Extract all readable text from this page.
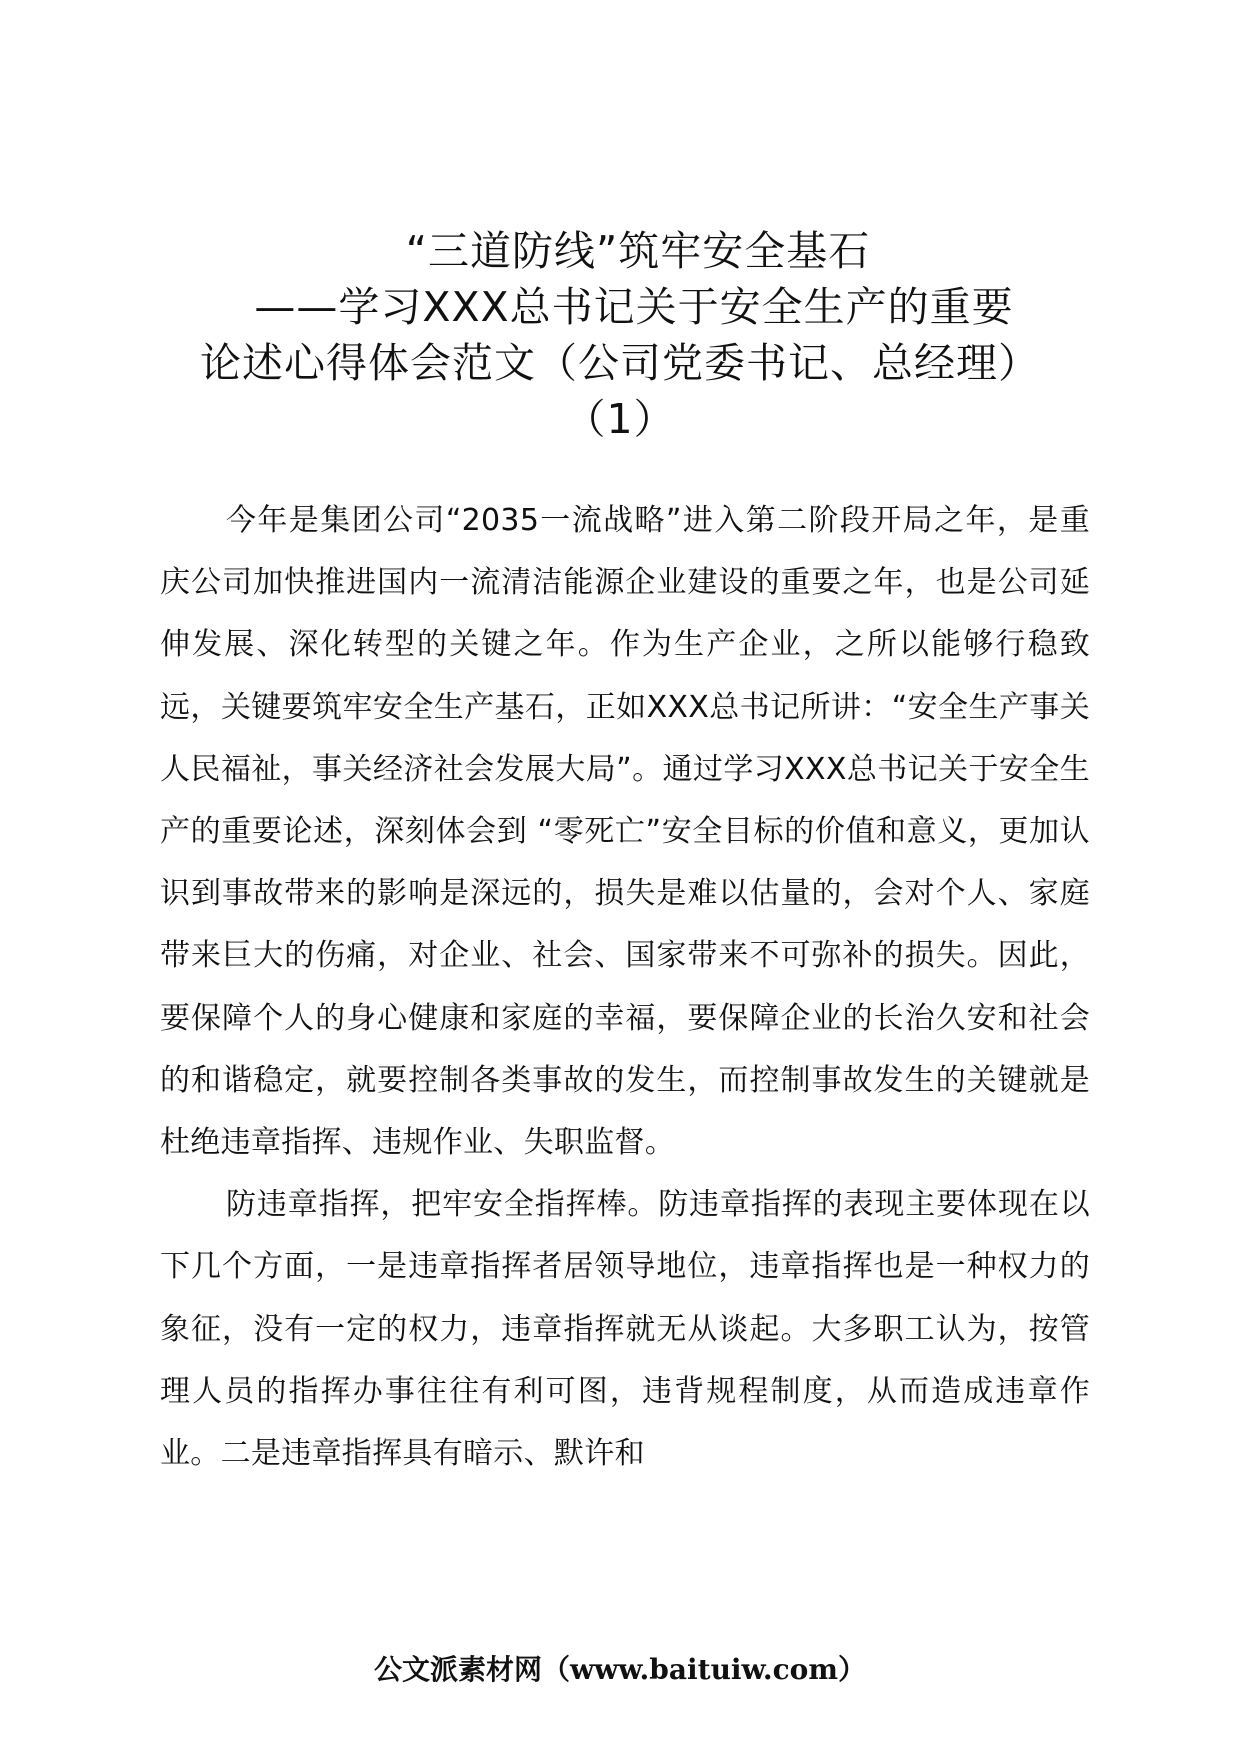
“三道防线”筑牢安全基石
——学习XXX总书记关于安全生产的重要
论述心得体会范文（公司党委书记、总经理）
（1）

今年是集团公司“2035一流战略”进入第二阶段开局之年，是重庆公司加快推进国内一流清洁能源企业建设的重要之年，也是公司延伸发展、深化转型的关键之年。作为生产企业，之所以能够行稳致远，关键要筑牢安全生产基石，正如XXX总书记所讲：“安全生产事关人民福祉，事关经济社会发展大局”。通过学习XXX总书记关于安全生产的重要论述，深刻体会到 “零死亡”安全目标的价值和意义，更加认识到事故带来的影响是深远的，损失是难以估量的，会对个人、家庭带来巨大的伤痛，对企业、社会、国家带来不可弥补的损失。因此，要保障个人的身心健康和家庭的幸福，要保障企业的长治久安和社会的和谐稳定，就要控制各类事故的发生，而控制事故发生的关键就是杜绝违章指挥、违规作业、失职监督。

防违章指挥，把牢安全指挥棒。防违章指挥的表现主要体现在以下几个方面，一是违章指挥者居领导地位，违章指挥也是一种权力的象征，没有一定的权力，违章指挥就无从谈起。大多职工认为，按管理人员的指挥办事往往有利可图，违背规程制度，从而造成违章作业。二是违章指挥具有暗示、默许和

公文派素材网（www.baituiw.com）
